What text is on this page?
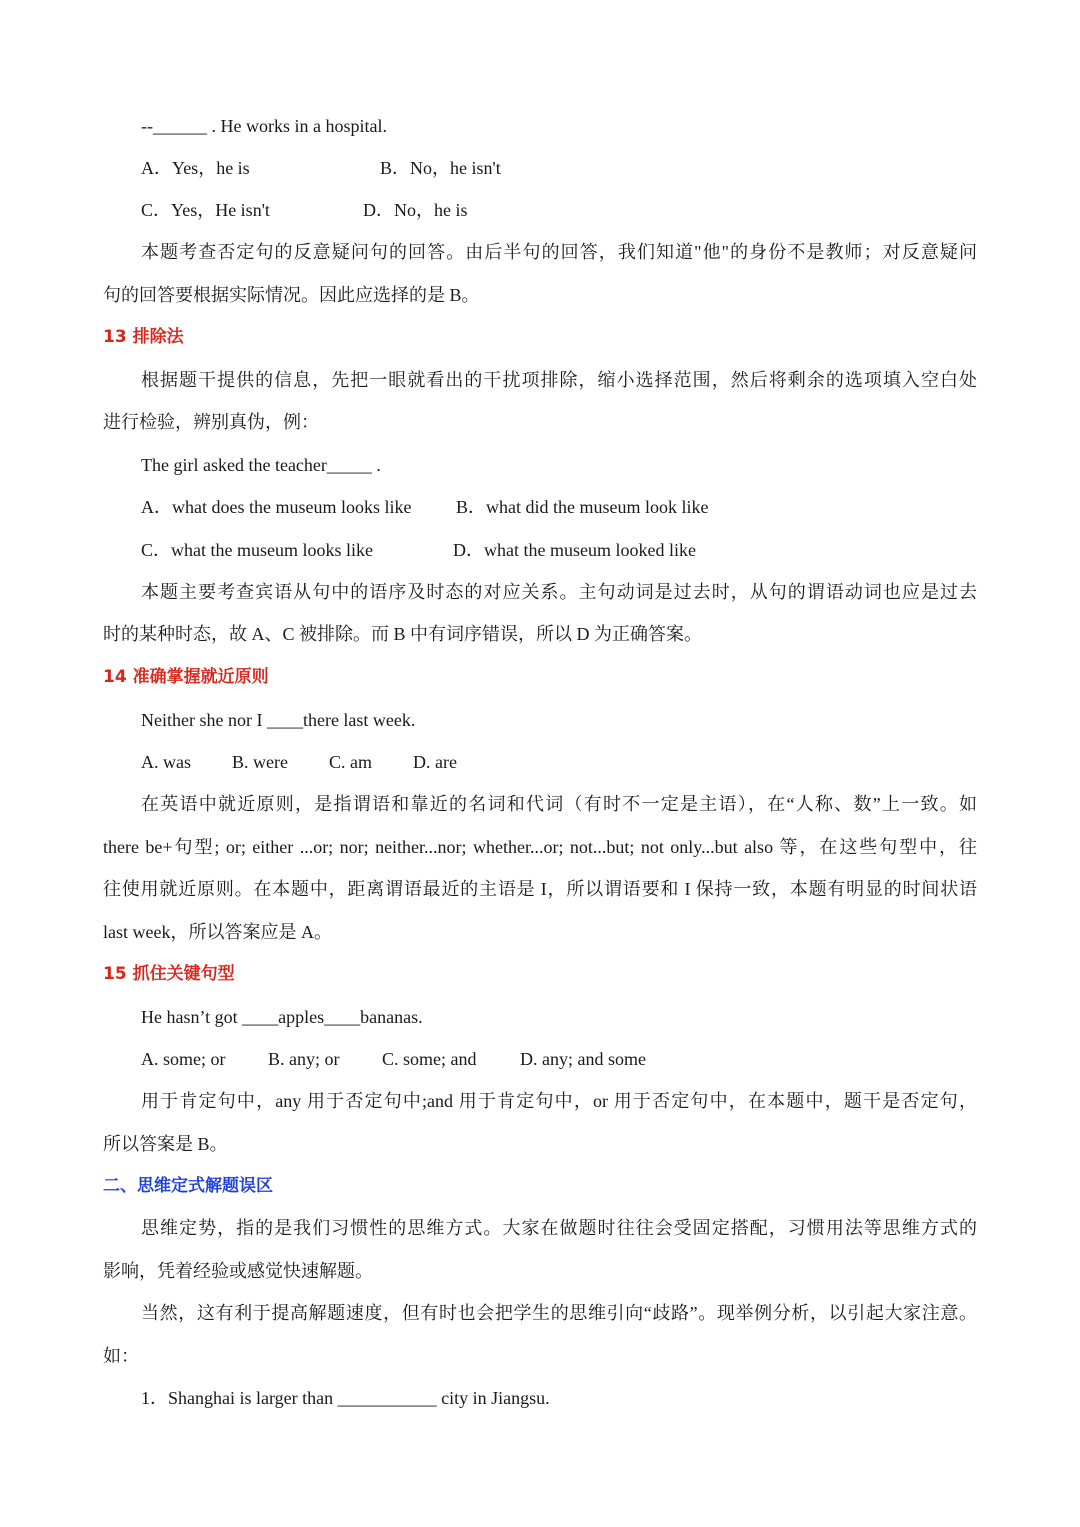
--______ . He works in a hospital.
A．Yes，he is	B．No，he isn't
C．Yes，He isn't	D．No，he is
本题考查否定句的反意疑问句的回答。由后半句的回答，我们知道"他"的身份不是教师；对反意疑问
句的回答要根据实际情况。因此应选择的是 B。
13 排除法
根据题干提供的信息，先把一眼就看出的干扰项排除，缩小选择范围，然后将剩余的选项填入空白处
进行检验，辨别真伪，例：
The girl asked the teacher_____ .
A．what does the museum looks like B．what did the museum look like
C．what the museum looks like	D．what the museum looked like
本题主要考查宾语从句中的语序及时态的对应关系。主句动词是过去时，从句的谓语动词也应是过去
时的某种时态，故 A、C 被排除。而 B 中有词序错误，所以 D 为正确答案。
14 准确掌握就近原则
Neither she nor I ____there last week.
A. was B. were C. am D. are
在英语中就近原则，是指谓语和靠近的名词和代词（有时不一定是主语），在“人称、数”上一致。如
there be+句型; or; either ...or; nor; neither...nor; whether...or; not...but; not only...but also 等，在这些句型中，往
往使用就近原则。在本题中，距离谓语最近的主语是 I，所以谓语要和 I 保持一致，本题有明显的时间状语
last week，所以答案应是 A。
15 抓住关键句型
He hasn’t got ____apples____bananas.
A. some; or B. any; or C. some; and D. any; and some
用于肯定句中，any 用于否定句中;and 用于肯定句中，or 用于否定句中，在本题中，题干是否定句，
所以答案是 B。
二、思维定式解题误区
思维定势，指的是我们习惯性的思维方式。大家在做题时往往会受固定搭配，习惯用法等思维方式的
影响，凭着经验或感觉快速解题。
当然，这有利于提高解题速度，但有时也会把学生的思维引向“歧路”。现举例分析，以引起大家注意。
如：
1．Shanghai is larger than ___________ city in Jiangsu.
